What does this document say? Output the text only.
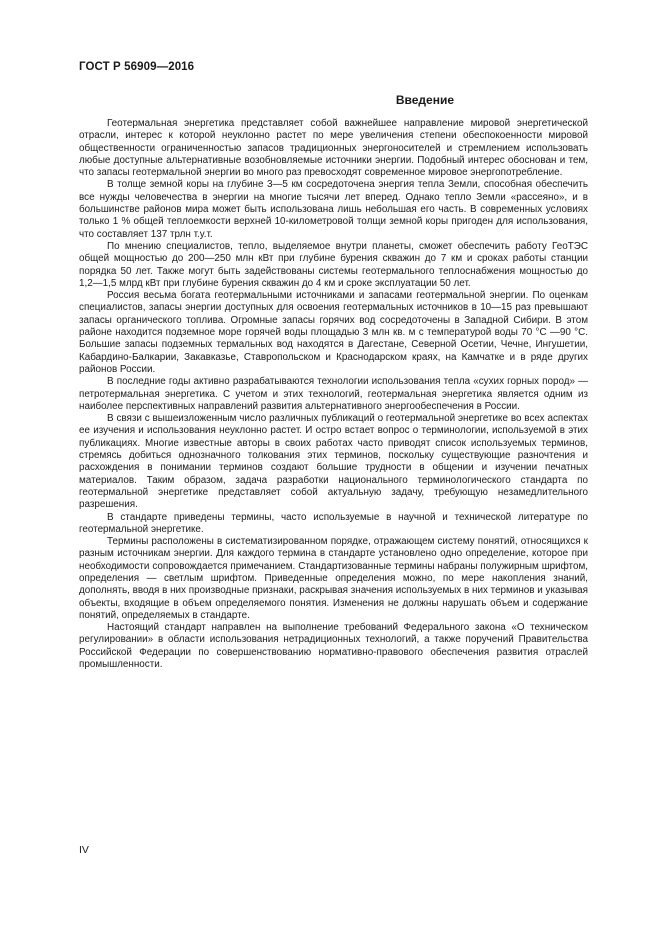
ГОСТ Р 56909—2016
Введение

Геотермальная энергетика представляет собой важнейшее направление мировой энергетической отрасли, интерес к которой неуклонно растет по мере увеличения степени обеспокоенности мировой общественности ограниченностью запасов традиционных энергоносителей и стремлением использовать любые доступные альтернативные возобновляемые источники энергии. Подобный интерес обоснован и тем, что запасы геотермальной энергии во много раз превосходят современное мировое энергопотребление.

В толще земной коры на глубине 3—5 км сосредоточена энергия тепла Земли, способная обеспечить все нужды человечества в энергии на многие тысячи лет вперед. Однако тепло Земли «рассеяно», и в большинстве районов мира может быть использована лишь небольшая его часть. В современных условиях только 1 % общей теплоемкости верхней 10-километровой толщи земной коры пригоден для использования, что составляет 137 трлн т.у.т.

По мнению специалистов, тепло, выделяемое внутри планеты, сможет обеспечить работу ГеоТЭС общей мощностью до 200—250 млн кВт при глубине бурения скважин до 7 км и сроках работы станции порядка 50 лет. Также могут быть задействованы системы геотермального теплоснабжения мощностью до 1,2—1,5 млрд кВт при глубине бурения скважин до 4 км и сроке эксплуатации 50 лет.

Россия весьма богата геотермальными источниками и запасами геотермальной энергии. По оценкам специалистов, запасы энергии доступных для освоения геотермальных источников в 10—15 раз превышают запасы органического топлива. Огромные запасы горячих вод сосредоточены в Западной Сибири. В этом районе находится подземное море горячей воды площадью 3 млн кв. м с температурой воды 70 °С —90 °С. Большие запасы подземных термальных вод находятся в Дагестане, Северной Осетии, Чечне, Ингушетии, Кабардино-Балкарии, Закавказье, Ставропольском и Краснодарском краях, на Камчатке и в ряде других районов России.

В последние годы активно разрабатываются технологии использования тепла «сухих горных пород» — петротермальная энергетика. С учетом и этих технологий, геотермальная энергетика является одним из наиболее перспективных направлений развития альтернативного энергообеспечения в России.

В связи с вышеизложенным число различных публикаций о геотермальной энергетике во всех аспектах ее изучения и использования неуклонно растет. И остро встает вопрос о терминологии, используемой в этих публикациях. Многие известные авторы в своих работах часто приводят список используемых терминов, стремясь добиться однозначного толкования этих терминов, поскольку существующие разночтения и расхождения в понимании терминов создают большие трудности в общении и изучении печатных материалов. Таким образом, задача разработки национального терминологического стандарта по геотермальной энергетике представляет собой актуальную задачу, требующую незамедлительного разрешения.

В стандарте приведены термины, часто используемые в научной и технической литературе по геотермальной энергетике.

Термины расположены в систематизированном порядке, отражающем систему понятий, относящихся к разным источникам энергии. Для каждого термина в стандарте установлено одно определение, которое при необходимости сопровождается примечанием. Стандартизованные термины набраны полужирным шрифтом, определения — светлым шрифтом. Приведенные определения можно, по мере накопления знаний, дополнять, вводя в них производные признаки, раскрывая значения используемых в них терминов и указывая объекты, входящие в объем определяемого понятия. Изменения не должны нарушать объем и содержание понятий, определяемых в стандарте.

Настоящий стандарт направлен на выполнение требований Федерального закона «О техническом регулировании» в области использования нетрадиционных технологий, а также поручений Правительства Российской Федерации по совершенствованию нормативно-правового обеспечения развития отраслей промышленности.

IV
